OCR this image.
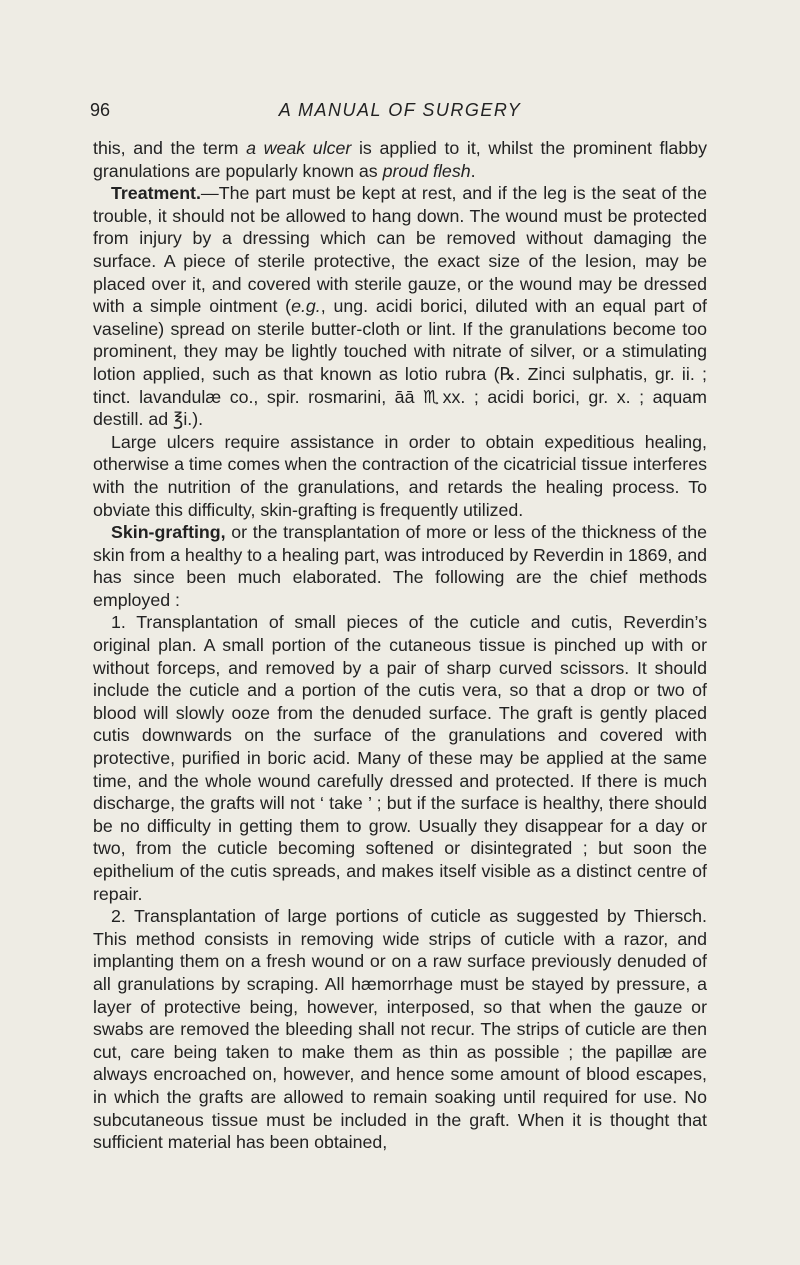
96	A MANUAL OF SURGERY

this, and the term a weak ulcer is applied to it, whilst the prominent flabby granulations are popularly known as proud flesh.

Treatment.—The part must be kept at rest, and if the leg is the seat of the trouble, it should not be allowed to hang down. The wound must be protected from injury by a dressing which can be removed without damaging the surface. A piece of sterile protective, the exact size of the lesion, may be placed over it, and covered with sterile gauze, or the wound may be dressed with a simple ointment (e.g., ung. acidi borici, diluted with an equal part of vaseline) spread on sterile butter-cloth or lint. If the granulations become too prominent, they may be lightly touched with nitrate of silver, or a stimulating lotion applied, such as that known as lotio rubra (℞. Zinci sulphatis, gr. ii. ; tinct. lavandulæ co., spir. rosmarini, āā ♏xx. ; acidi borici, gr. x. ; aquam destill. ad ℥i.).

Large ulcers require assistance in order to obtain expeditious healing, otherwise a time comes when the contraction of the cicatricial tissue interferes with the nutrition of the granulations, and retards the healing process. To obviate this difficulty, skin-grafting is frequently utilized.

Skin-grafting, or the transplantation of more or less of the thickness of the skin from a healthy to a healing part, was introduced by Reverdin in 1869, and has since been much elaborated. The following are the chief methods employed :

1. Transplantation of small pieces of the cuticle and cutis, Reverdin’s original plan. A small portion of the cutaneous tissue is pinched up with or without forceps, and removed by a pair of sharp curved scissors. It should include the cuticle and a portion of the cutis vera, so that a drop or two of blood will slowly ooze from the denuded surface. The graft is gently placed cutis downwards on the surface of the granulations and covered with protective, purified in boric acid. Many of these may be applied at the same time, and the whole wound carefully dressed and protected. If there is much discharge, the grafts will not ‘ take ’ ; but if the surface is healthy, there should be no difficulty in getting them to grow. Usually they disappear for a day or two, from the cuticle becoming softened or disintegrated ; but soon the epithelium of the cutis spreads, and makes itself visible as a distinct centre of repair.

2. Transplantation of large portions of cuticle as suggested by Thiersch. This method consists in removing wide strips of cuticle with a razor, and implanting them on a fresh wound or on a raw surface previously denuded of all granulations by scraping. All hæmorrhage must be stayed by pressure, a layer of protective being, however, interposed, so that when the gauze or swabs are removed the bleeding shall not recur. The strips of cuticle are then cut, care being taken to make them as thin as possible ; the papillæ are always encroached on, however, and hence some amount of blood escapes, in which the grafts are allowed to remain soaking until required for use. No subcutaneous tissue must be included in the graft. When it is thought that sufficient material has been obtained,
